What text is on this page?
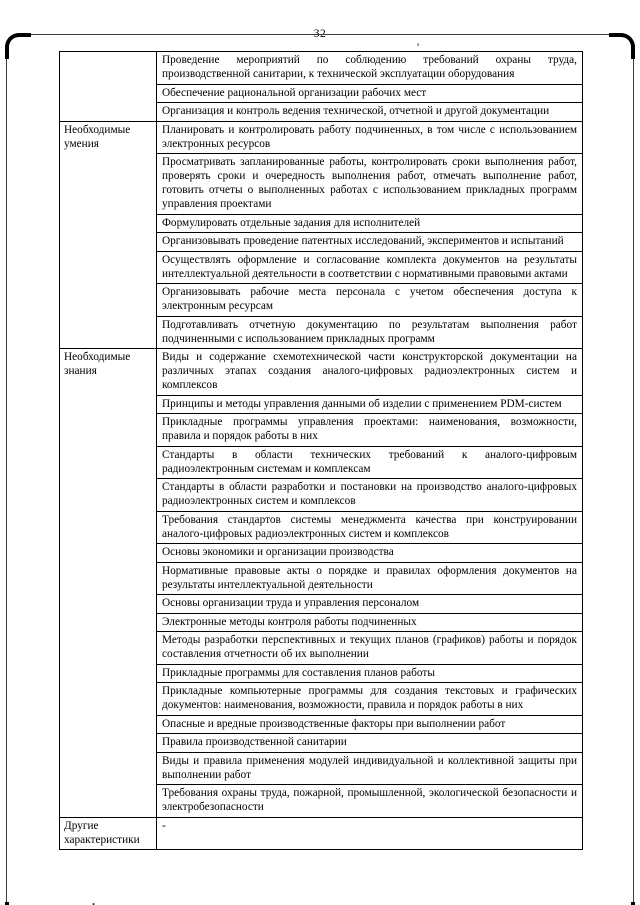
'
.
32
	Проведение мероприятий по соблюдению требований охраны труда, производственной санитарии, к технической эксплуатации оборудования
	Обеспечение рациональной организации рабочих мест
	Организация и контроль ведения технической, отчетной и другой документации
Необходимые умения	Планировать и контролировать работу подчиненных, в том числе с использованием электронных ресурсов
	Просматривать запланированные работы, контролировать сроки выполнения работ, проверять сроки и очередность выполнения работ, отмечать выполнение работ, готовить отчеты о выполненных работах с использованием прикладных программ управления проектами
	Формулировать отдельные задания для исполнителей
	Организовывать проведение патентных исследований, экспериментов и испытаний
	Осуществлять оформление и согласование комплекта документов на результаты интеллектуальной деятельности в соответствии с нормативными правовыми актами
	Организовывать рабочие места персонала с учетом обеспечения доступа к электронным ресурсам
	Подготавливать отчетную документацию по результатам выполнения работ подчиненными с использованием прикладных программ
Необходимые знания	Виды и содержание схемотехнической части конструкторской документации на различных этапах создания аналого-цифровых радиоэлектронных систем и комплексов
	Принципы и методы управления данными об изделии с применением PDM-систем
	Прикладные программы управления проектами: наименования, возможности, правила и порядок работы в них
	Стандарты в области технических требований к аналого-цифровым радиоэлектронным системам и комплексам
	Стандарты в области разработки и постановки на производство аналого-цифровых радиоэлектронных систем и комплексов
	Требования стандартов системы менеджмента качества при конструировании аналого-цифровых радиоэлектронных систем и комплексов
	Основы экономики и организации производства
	Нормативные правовые акты о порядке и правилах оформления документов на результаты интеллектуальной деятельности
	Основы организации труда и управления персоналом
	Электронные методы контроля работы подчиненных
	Методы разработки перспективных и текущих планов (графиков) работы и порядок составления отчетности об их выполнении
	Прикладные программы для составления планов работы
	Прикладные компьютерные программы для создания текстовых и графических документов: наименования, возможности, правила и порядок работы в них
	Опасные и вредные производственные факторы при выполнении работ
	Правила производственной санитарии
	Виды и правила применения модулей индивидуальной и коллективной защиты при выполнении работ
	Требования охраны труда, пожарной, промышленной, экологической безопасности и электробезопасности
Другие характеристики	-
